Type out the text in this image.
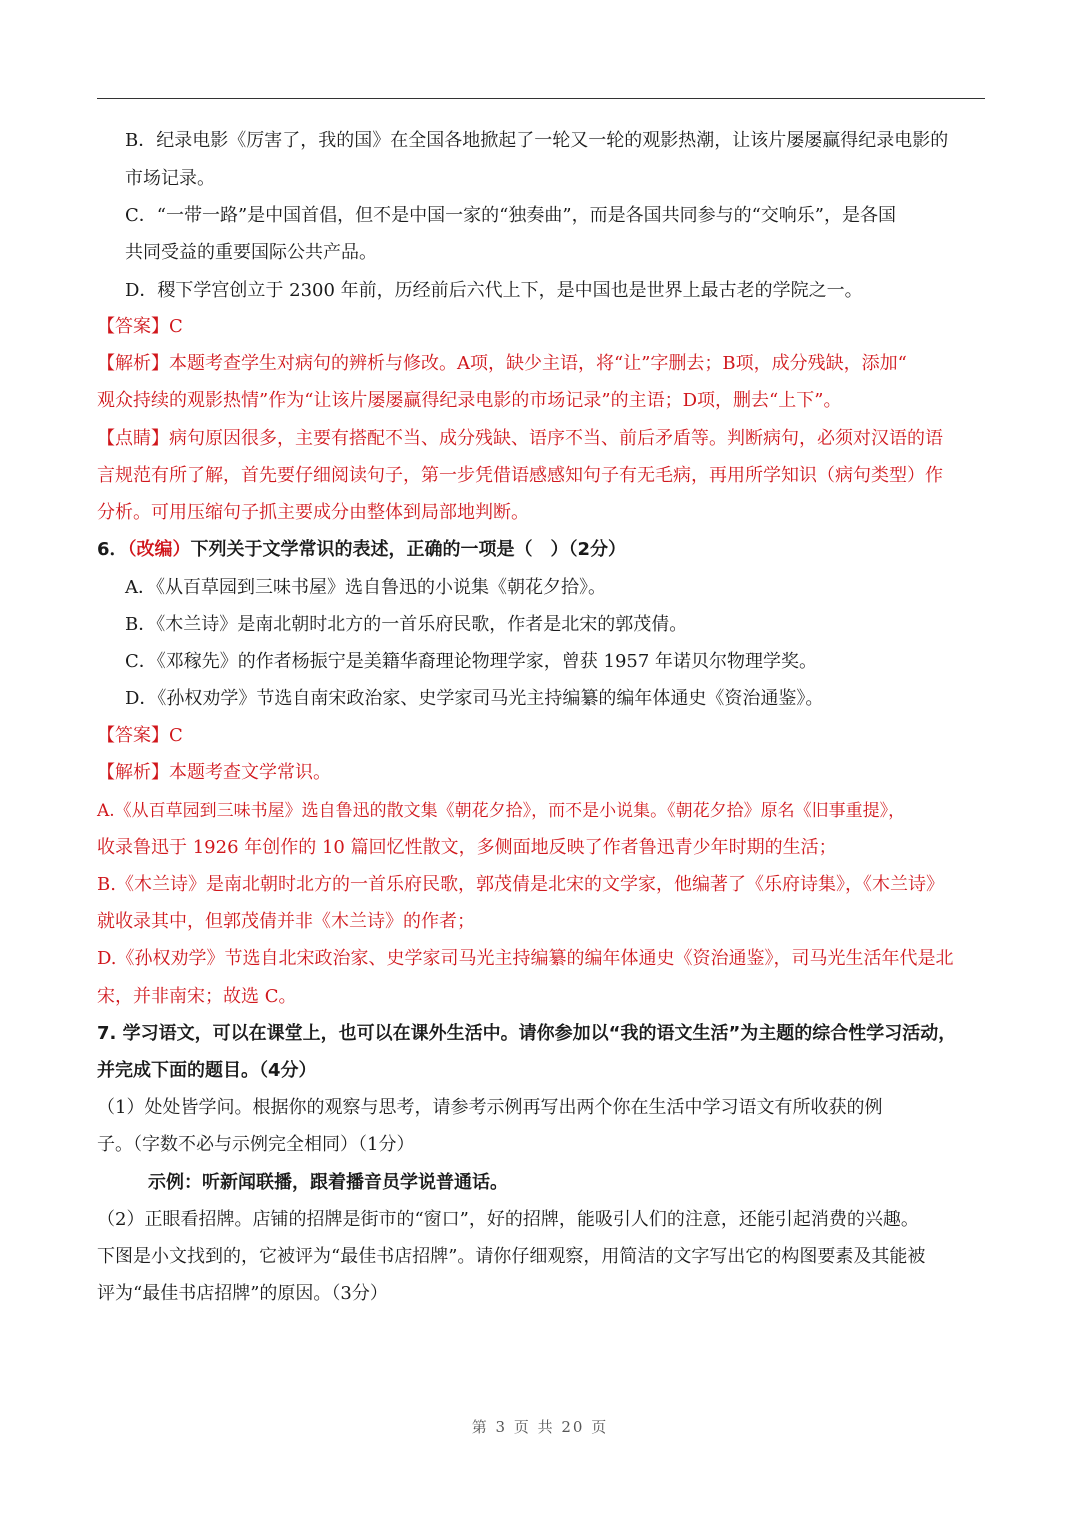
B．纪录电影《厉害了，我的国》在全国各地掀起了一轮又一轮的观影热潮，让该片屡屡赢得纪录电影的
市场记录。
C．“一带一路”是中国首倡，但不是中国一家的“独奏曲”，而是各国共同参与的“交响乐”，是各国
共同受益的重要国际公共产品。
D．稷下学宫创立于 2300 年前，历经前后六代上下，是中国也是世界上最古老的学院之一。
【答案】C
【解析】本题考查学生对病句的辨析与修改。A项，缺少主语，将“让”字删去；B项，成分残缺，添加“
观众持续的观影热情”作为“让该片屡屡赢得纪录电影的市场记录”的主语；D项，删去“上下”。
【点睛】病句原因很多，主要有搭配不当、成分残缺、语序不当、前后矛盾等。判断病句，必须对汉语的语
言规范有所了解，首先要仔细阅读句子，第一步凭借语感感知句子有无毛病，再用所学知识（病句类型）作
分析。可用压缩句子抓主要成分由整体到局部地判断。
6．（改编）下列关于文学常识的表述，正确的一项是（　）（2分）
A．《从百草园到三味书屋》选自鲁迅的小说集《朝花夕拾》。
B．《木兰诗》是南北朝时北方的一首乐府民歌，作者是北宋的郭茂倩。
C．《邓稼先》的作者杨振宁是美籍华裔理论物理学家，曾获 1957 年诺贝尔物理学奖。
D．《孙权劝学》节选自南宋政治家、史学家司马光主持编纂的编年体通史《资治通鉴》。
【答案】C
【解析】本题考查文学常识。
A.《从百草园到三味书屋》选自鲁迅的散文集《朝花夕拾》，而不是小说集。《朝花夕拾》原名《旧事重提》，
收录鲁迅于 1926 年创作的 10 篇回忆性散文，多侧面地反映了作者鲁迅青少年时期的生活；
B.《木兰诗》是南北朝时北方的一首乐府民歌，郭茂倩是北宋的文学家，他编著了《乐府诗集》，《木兰诗》
就收录其中，但郭茂倩并非《木兰诗》的作者；
D.《孙权劝学》节选自北宋政治家、史学家司马光主持编纂的编年体通史《资治通鉴》，司马光生活年代是北
宋，并非南宋；故选 C。
7. 学习语文，可以在课堂上，也可以在课外生活中。请你参加以“我的语文生活”为主题的综合性学习活动，
并完成下面的题目。（4分）
（1）处处皆学问。根据你的观察与思考，请参考示例再写出两个你在生活中学习语文有所收获的例
子。（字数不必与示例完全相同）（1分）
示例：听新闻联播，跟着播音员学说普通话。
（2）正眼看招牌。店铺的招牌是街市的“窗口”，好的招牌，能吸引人们的注意，还能引起消费的兴趣。
下图是小文找到的，它被评为“最佳书店招牌”。请你仔细观察，用简洁的文字写出它的构图要素及其能被
评为“最佳书店招牌”的原因。（3分）
第 3 页 共 20 页
